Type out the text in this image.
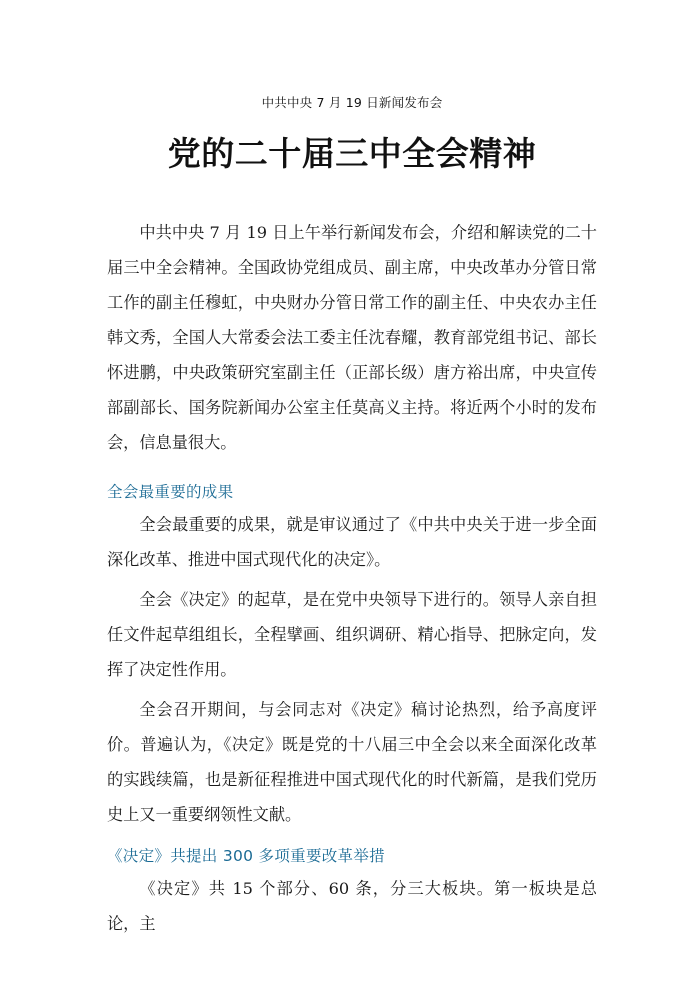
中共中央 7 月 19 日新闻发布会
党的二十届三中全会精神
中共中央 7 月 19 日上午举行新闻发布会，介绍和解读党的二十届三中全会精神。全国政协党组成员、副主席，中央改革办分管日常工作的副主任穆虹，中央财办分管日常工作的副主任、中央农办主任韩文秀，全国人大常委会法工委主任沈春耀，教育部党组书记、部长怀进鹏，中央政策研究室副主任（正部长级）唐方裕出席，中央宣传部副部长、国务院新闻办公室主任莫高义主持。将近两个小时的发布会，信息量很大。
全会最重要的成果
全会最重要的成果，就是审议通过了《中共中央关于进一步全面深化改革、推进中国式现代化的决定》。
全会《决定》的起草，是在党中央领导下进行的。领导人亲自担任文件起草组组长，全程擘画、组织调研、精心指导、把脉定向，发挥了决定性作用。
全会召开期间，与会同志对《决定》稿讨论热烈，给予高度评价。普遍认为，《决定》既是党的十八届三中全会以来全面深化改革的实践续篇，也是新征程推进中国式现代化的时代新篇，是我们党历史上又一重要纲领性文献。
《决定》共提出 300 多项重要改革举措
《决定》共 15 个部分、60 条，分三大板块。第一板块是总论，主
